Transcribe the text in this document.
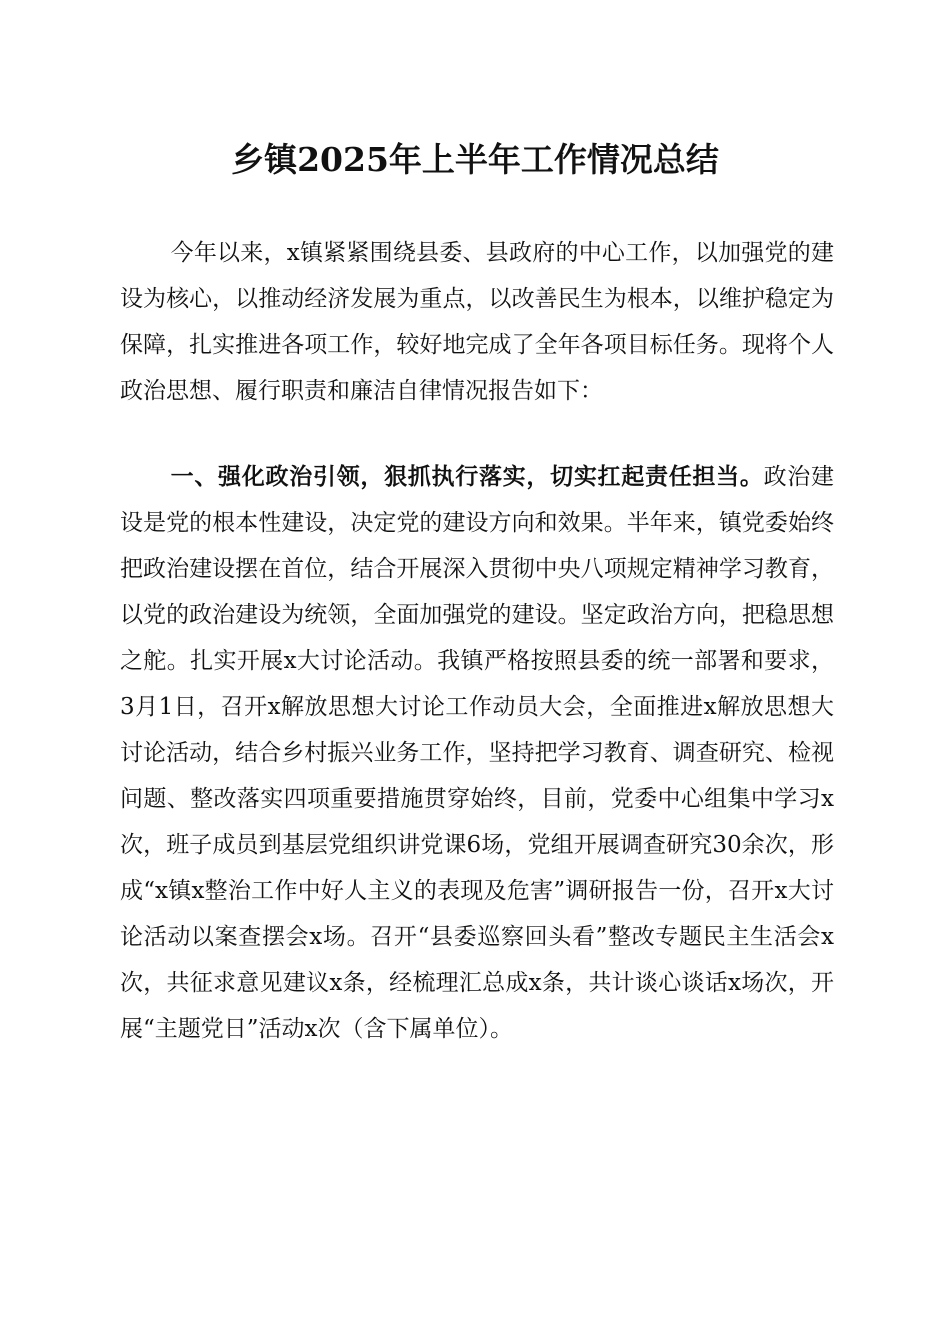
乡镇2025年上半年工作情况总结

今年以来，x镇紧紧围绕县委、县政府的中心工作，以加强党的建设为核心，以推动经济发展为重点，以改善民生为根本，以维护稳定为保障，扎实推进各项工作，较好地完成了全年各项目标任务。现将个人政治思想、履行职责和廉洁自律情况报告如下：

一、强化政治引领，狠抓执行落实，切实扛起责任担当。政治建设是党的根本性建设，决定党的建设方向和效果。半年来，镇党委始终把政治建设摆在首位，结合开展深入贯彻中央八项规定精神学习教育，以党的政治建设为统领，全面加强党的建设。坚定政治方向，把稳思想之舵。扎实开展x大讨论活动。我镇严格按照县委的统一部署和要求，3月1日，召开x解放思想大讨论工作动员大会，全面推进x解放思想大讨论活动，结合乡村振兴业务工作，坚持把学习教育、调查研究、检视问题、整改落实四项重要措施贯穿始终，目前，党委中心组集中学习x次，班子成员到基层党组织讲党课6场，党组开展调查研究30余次，形成“x镇x整治工作中好人主义的表现及危害”调研报告一份，召开x大讨论活动以案查摆会x场。召开“县委巡察回头看”整改专题民主生活会x次，共征求意见建议x条，经梳理汇总成x条，共计谈心谈话x场次，开展“主题党日”活动x次（含下属单位）。
